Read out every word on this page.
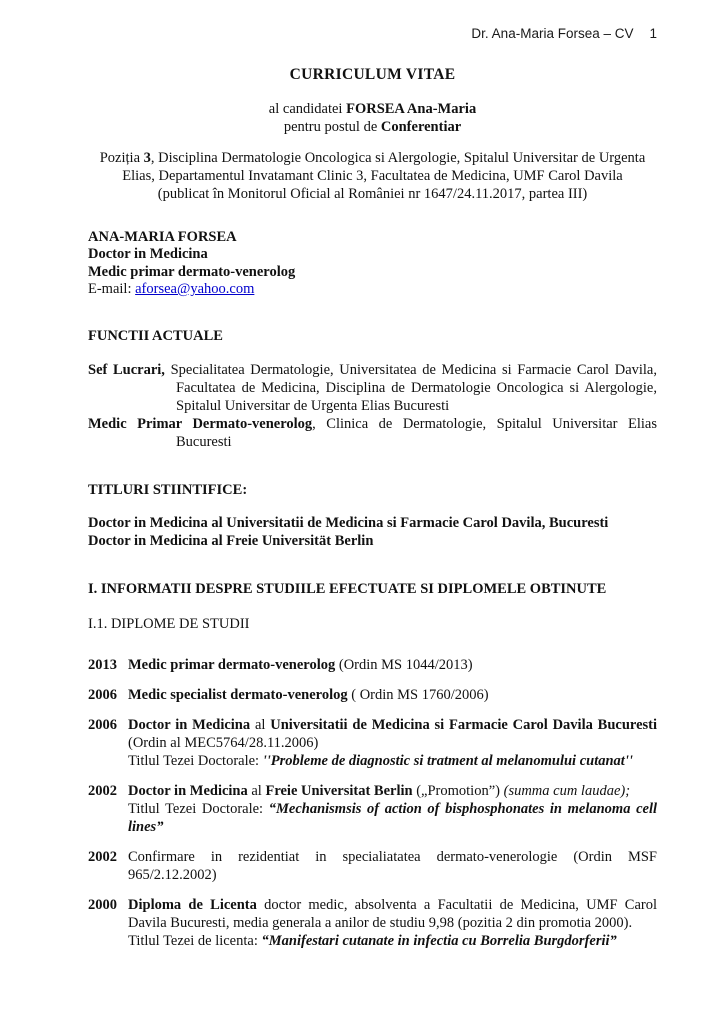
Dr. Ana-Maria Forsea – CV 1
CURRICULUM VITAE
al candidatei FORSEA Ana-Maria
pentru postul de Conferentiar
Poziția 3, Disciplina Dermatologie Oncologica si Alergologie, Spitalul Universitar de Urgenta
Elias, Departamentul Invatamant Clinic 3, Facultatea de Medicina, UMF Carol Davila
(publicat în Monitorul Oficial al României nr 1647/24.11.2017, partea III)
ANA-MARIA FORSEA
Doctor in Medicina
Medic primar dermato-venerolog
E-mail: aforsea@yahoo.com
FUNCTII ACTUALE
Sef Lucrari, Specialitatea Dermatologie, Universitatea de Medicina si Farmacie Carol Davila, Facultatea de Medicina, Disciplina de Dermatologie Oncologica si Alergologie, Spitalul Universitar de Urgenta Elias Bucuresti
Medic Primar Dermato-venerolog, Clinica de Dermatologie, Spitalul Universitar Elias Bucuresti
TITLURI STIINTIFICE:
Doctor in Medicina al Universitatii de Medicina si Farmacie Carol Davila, Bucuresti
Doctor in Medicina al Freie Universität Berlin
I. INFORMATII DESPRE STUDIILE EFECTUATE SI DIPLOMELE OBTINUTE
I.1. DIPLOME DE STUDII
2013 Medic primar dermato-venerolog (Ordin MS 1044/2013)
2006 Medic specialist dermato-venerolog ( Ordin MS 1760/2006)
2006 Doctor in Medicina al Universitatii de Medicina si Farmacie Carol Davila Bucuresti (Ordin al MEC5764/28.11.2006)
Titlul Tezei Doctorale: ''Probleme de diagnostic si tratment al melanomului cutanat''
2002 Doctor in Medicina al Freie Universitat Berlin („Promotion”) (summa cum laudae);
Titlul Tezei Doctorale: “Mechanismsis of action of bisphosphonates in melanoma cell lines”
2002 Confirmare in rezidentiat in specialiatatea dermato-venerologie (Ordin MSF 965/2.12.2002)
2000 Diploma de Licenta doctor medic, absolventa a Facultatii de Medicina, UMF Carol Davila Bucuresti, media generala a anilor de studiu 9,98 (pozitia 2 din promotia 2000).
Titlul Tezei de licenta: “Manifestari cutanate in infectia cu Borrelia Burgdorferii”
